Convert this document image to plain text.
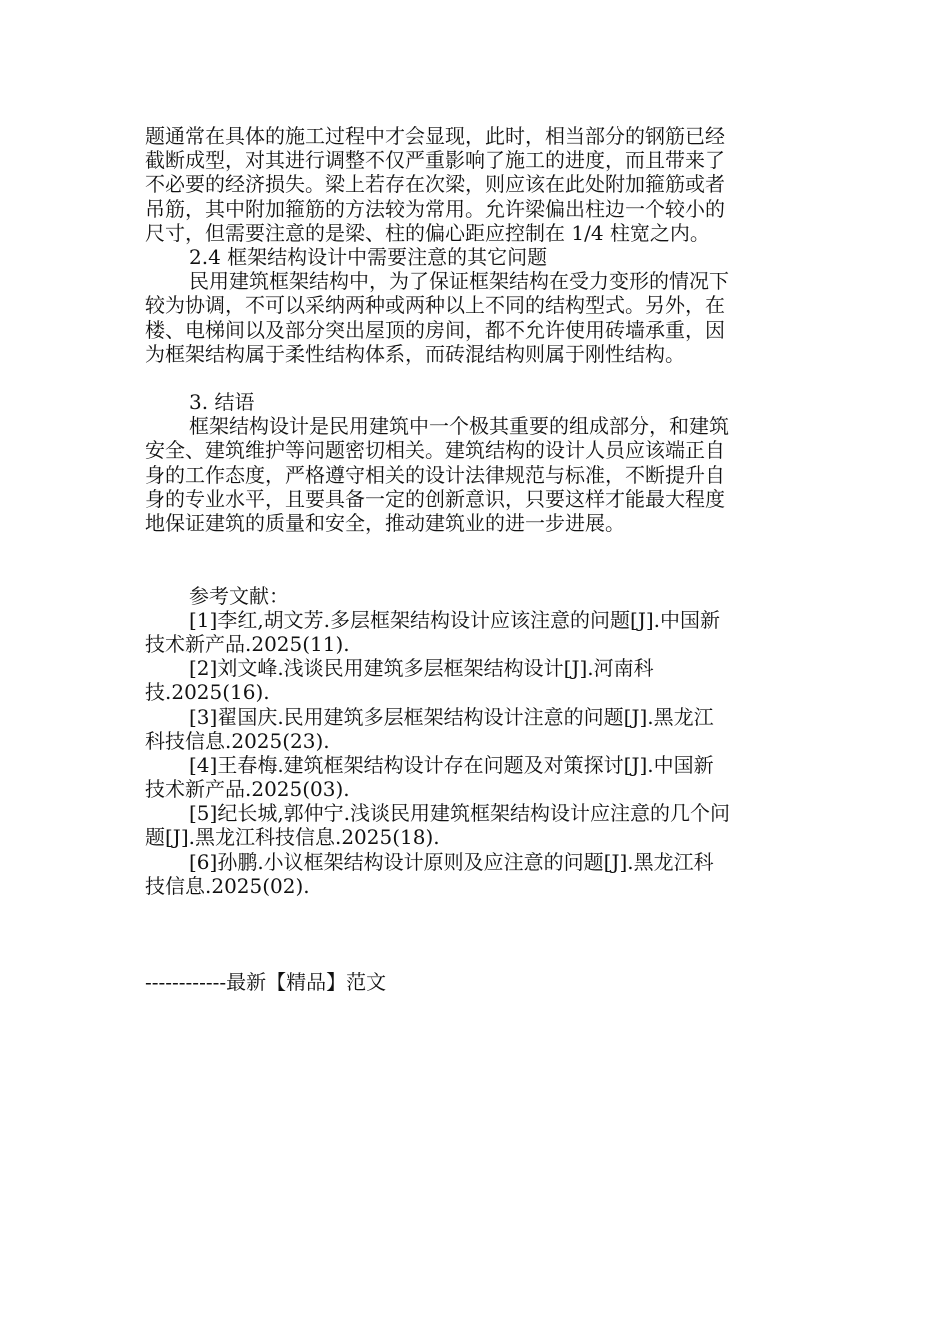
题通常在具体的施工过程中才会显现，此时，相当部分的钢筋已经
截断成型，对其进行调整不仅严重影响了施工的进度，而且带来了
不必要的经济损失。梁上若存在次梁，则应该在此处附加箍筋或者
吊筋，其中附加箍筋的方法较为常用。允许梁偏出柱边一个较小的
尺寸，但需要注意的是梁、柱的偏心距应控制在 1/4 柱宽之内。
2.4 框架结构设计中需要注意的其它问题
民用建筑框架结构中，为了保证框架结构在受力变形的情况下
较为协调，不可以采纳两种或两种以上不同的结构型式。另外，在
楼、电梯间以及部分突出屋顶的房间，都不允许使用砖墙承重，因
为框架结构属于柔性结构体系，而砖混结构则属于刚性结构。
3. 结语
框架结构设计是民用建筑中一个极其重要的组成部分，和建筑
安全、建筑维护等问题密切相关。建筑结构的设计人员应该端正自
身的工作态度，严格遵守相关的设计法律规范与标准，不断提升自
身的专业水平，且要具备一定的创新意识，只要这样才能最大程度
地保证建筑的质量和安全，推动建筑业的进一步进展。
参考文献：
[1]李红,胡文芳.多层框架结构设计应该注意的问题[J].中国新
技术新产品.2025(11).
[2]刘文峰.浅谈民用建筑多层框架结构设计[J].河南科
技.2025(16).
[3]翟国庆.民用建筑多层框架结构设计注意的问题[J].黑龙江
科技信息.2025(23).
[4]王春梅.建筑框架结构设计存在问题及对策探讨[J].中国新
技术新产品.2025(03).
[5]纪长城,郭仲宁.浅谈民用建筑框架结构设计应注意的几个问
题[J].黑龙江科技信息.2025(18).
[6]孙鹏.小议框架结构设计原则及应注意的问题[J].黑龙江科
技信息.2025(02).
------------最新【精品】范文
